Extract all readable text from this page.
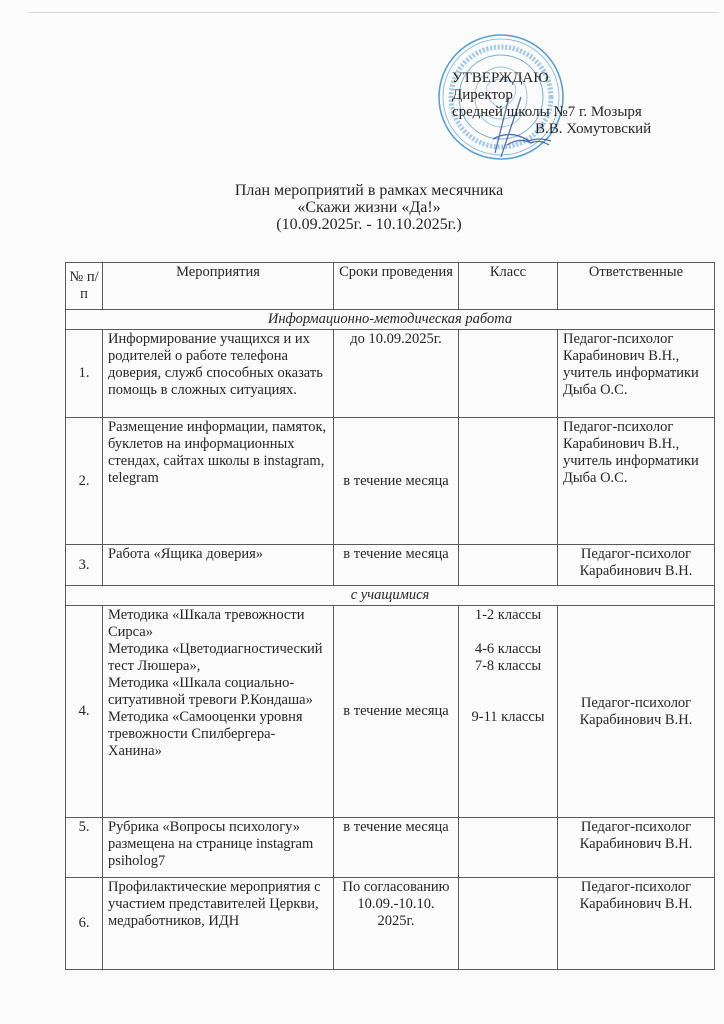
УТВЕРЖДАЮ
Директор
средней школы №7 г. Мозыря
В.В. Хомутовский
План мероприятий в рамках месячника
«Скажи жизни «Да!»
(10.09.2025г. - 10.10.2025г.)
№ п/п	Мероприятия	Сроки проведения	Класс	Ответственные
Информационно-методическая работа				
1.	Информирование учащихся и их родителей о работе телефона доверия, служб способных оказать помощь в сложных ситуациях.	до 10.09.2025г.		Педагог-психолог Карабинович В.Н., учитель информатики Дыба О.С.
2.	Размещение информации, памяток, буклетов на информационных стендах, сайтах школы в instagram, telegram	в течение месяца		Педагог-психолог Карабинович В.Н., учитель информатики Дыба О.С.
3.	Работа «Ящика доверия»	в течение месяца		Педагог-психолог Карабинович В.Н.
с учащимися				
4.	Методика «Шкала тревожности Сирса»
Методика «Цветодиагностический тест Люшера»,
Методика «Шкала социально-ситуативной тревоги Р.Кондаша»
Методика «Самооценки уровня тревожности Спилбергера-Ханина»	в течение месяца	1-2 классы
4-6 классы
7-8 классы
9-11 классы	Педагог-психолог Карабинович В.Н.
5.	Рубрика «Вопросы психологу» размещена на странице instagram psiholog7	в течение месяца		Педагог-психолог Карабинович В.Н.
6.	Профилактические мероприятия с участием представителей Церкви, медработников, ИДН	По согласованию 10.09.-10.10. 2025г.		Педагог-психолог Карабинович В.Н.
